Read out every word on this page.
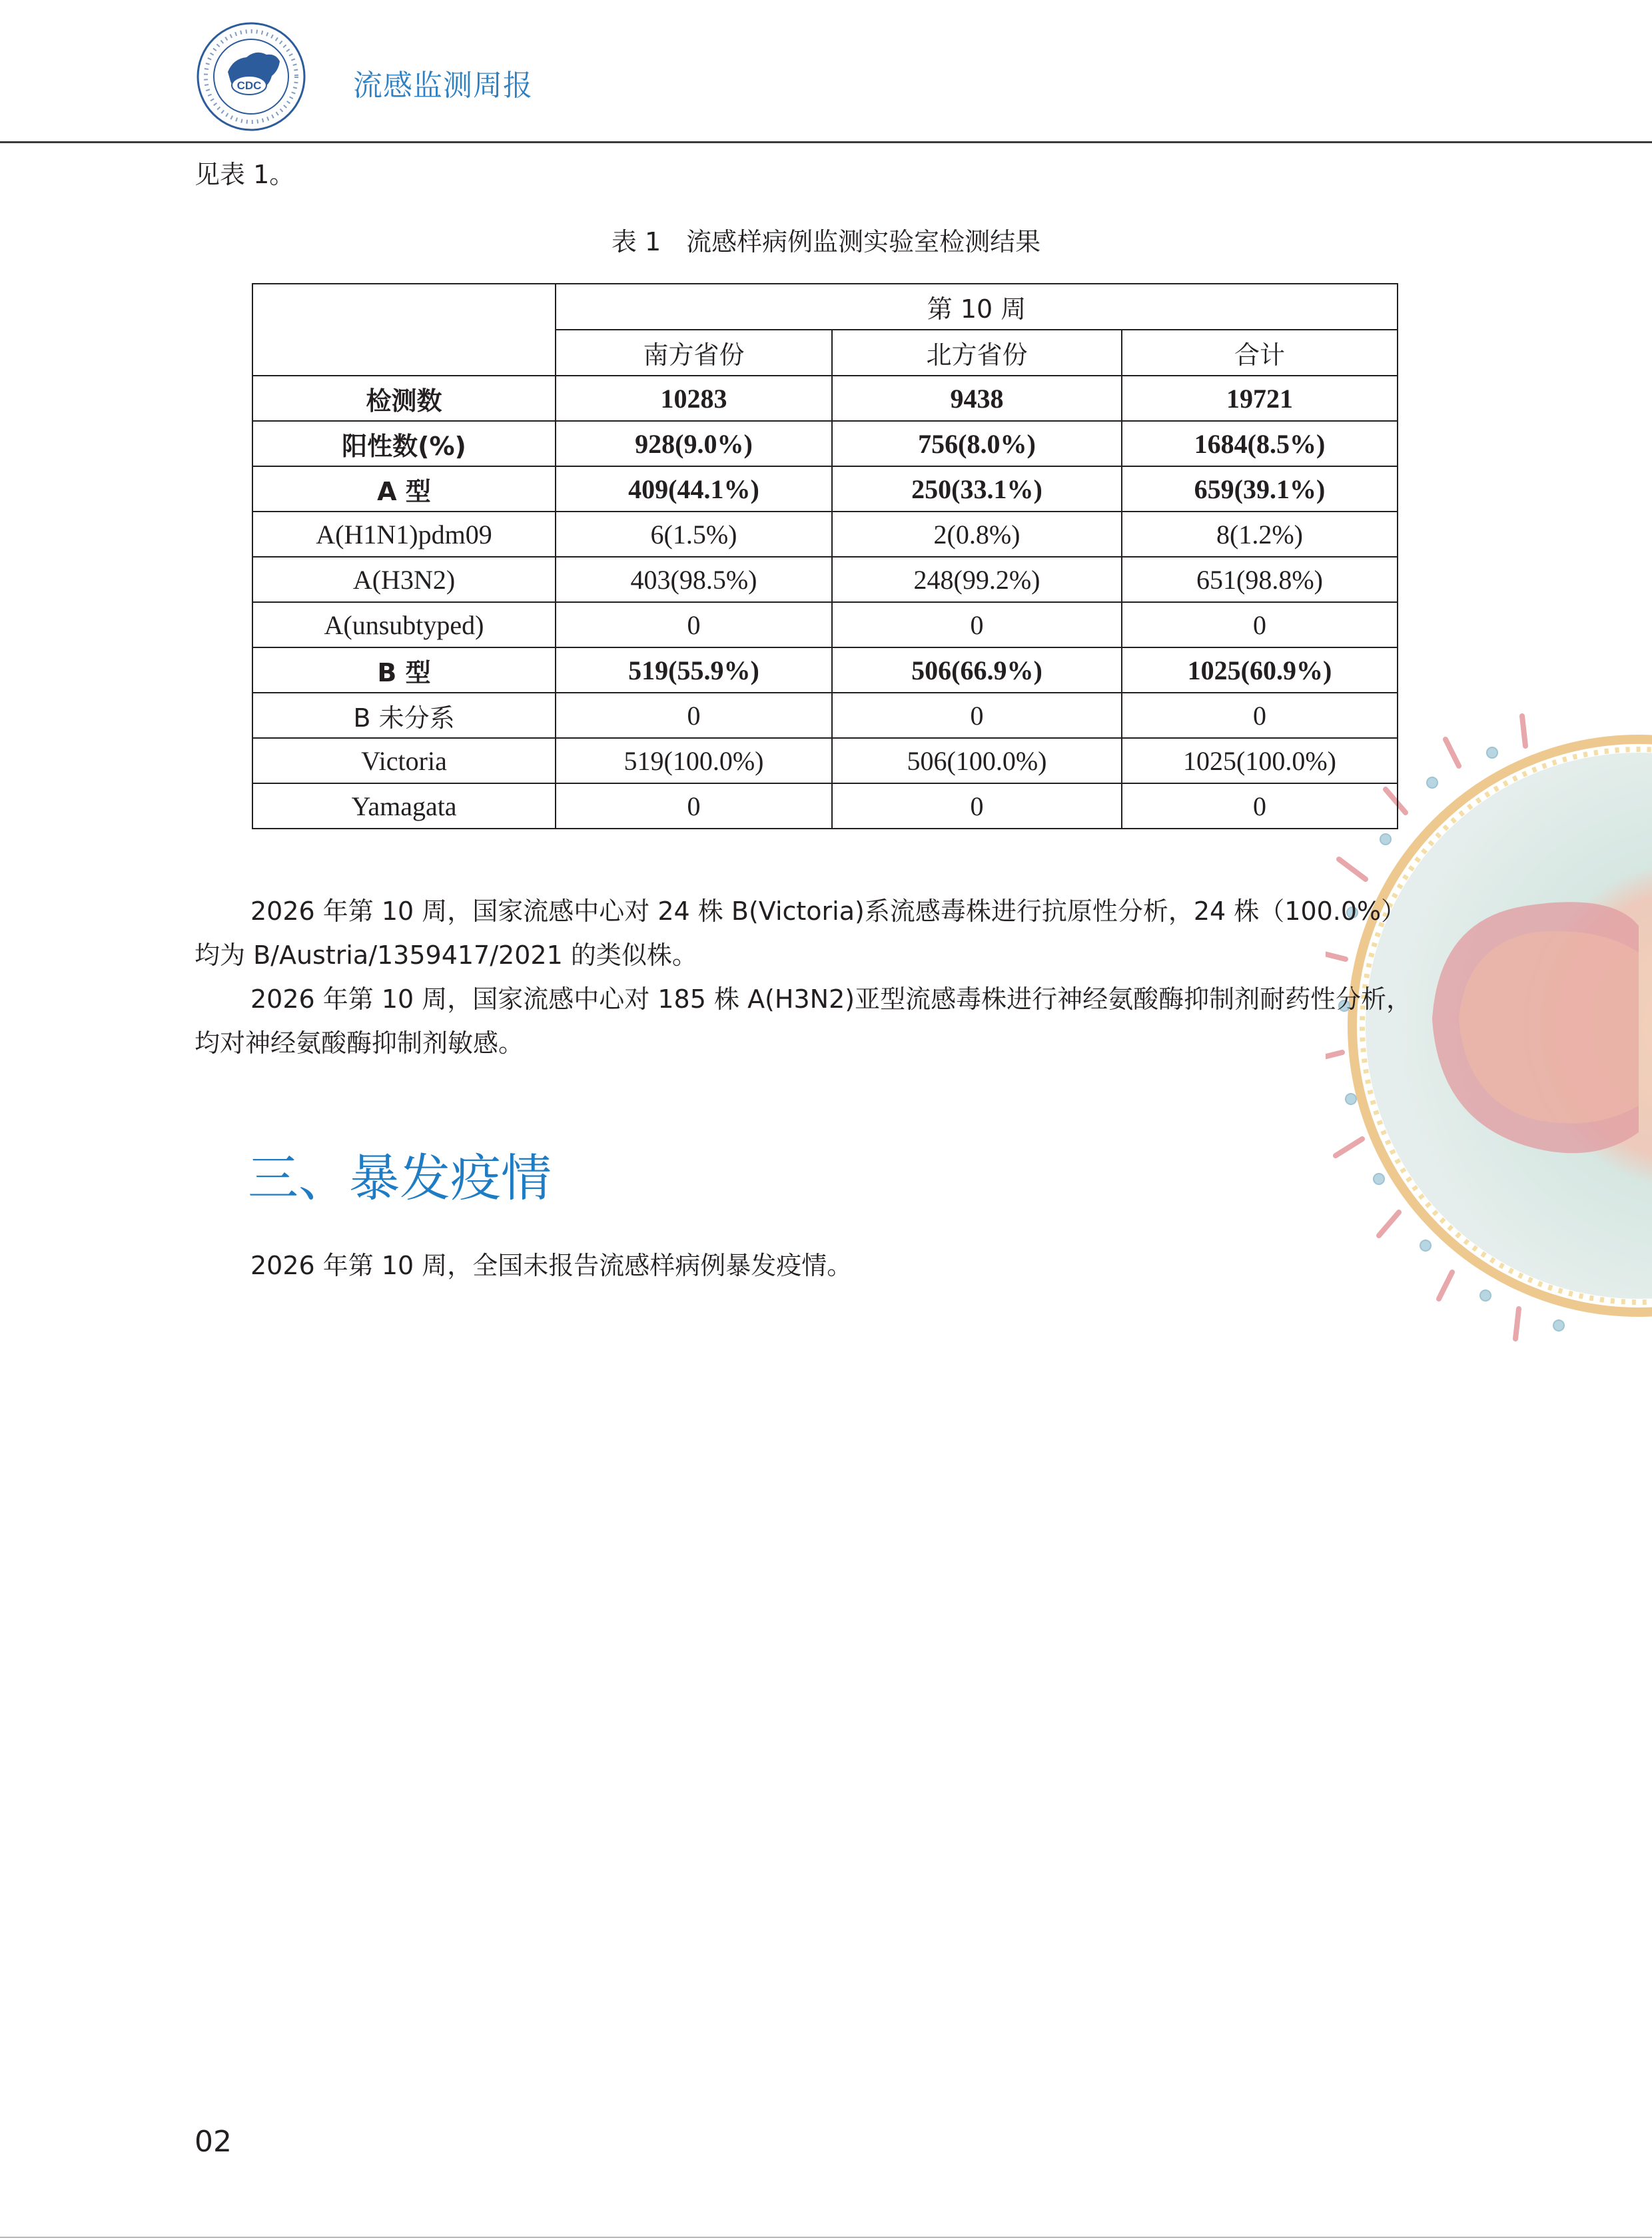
CDC	流感监测周报
见表 1。
表 1　流感样病例监测实验室检测结果
	第 10 周		
	南方省份	北方省份	合计
检测数	10283	9438	19721
阳性数(%)	928(9.0%)	756(8.0%)	1684(8.5%)
A 型	409(44.1%)	250(33.1%)	659(39.1%)
A(H1N1)pdm09	6(1.5%)	2(0.8%)	8(1.2%)
A(H3N2)	403(98.5%)	248(99.2%)	651(98.8%)
A(unsubtyped)	0	0	0
B 型	519(55.9%)	506(66.9%)	1025(60.9%)
B 未分系	0	0	0
Victoria	519(100.0%)	506(100.0%)	1025(100.0%)
Yamagata	0	0	0
2026 年第 10 周，国家流感中心对 24 株 B(Victoria)系流感毒株进行抗原性分析，24 株（100.0%）
均为 B/Austria/1359417/2021 的类似株。
2026 年第 10 周，国家流感中心对 185 株 A(H3N2)亚型流感毒株进行神经氨酸酶抑制剂耐药性分析，
均对神经氨酸酶抑制剂敏感。
三、暴发疫情
2026 年第 10 周，全国未报告流感样病例暴发疫情。
02
